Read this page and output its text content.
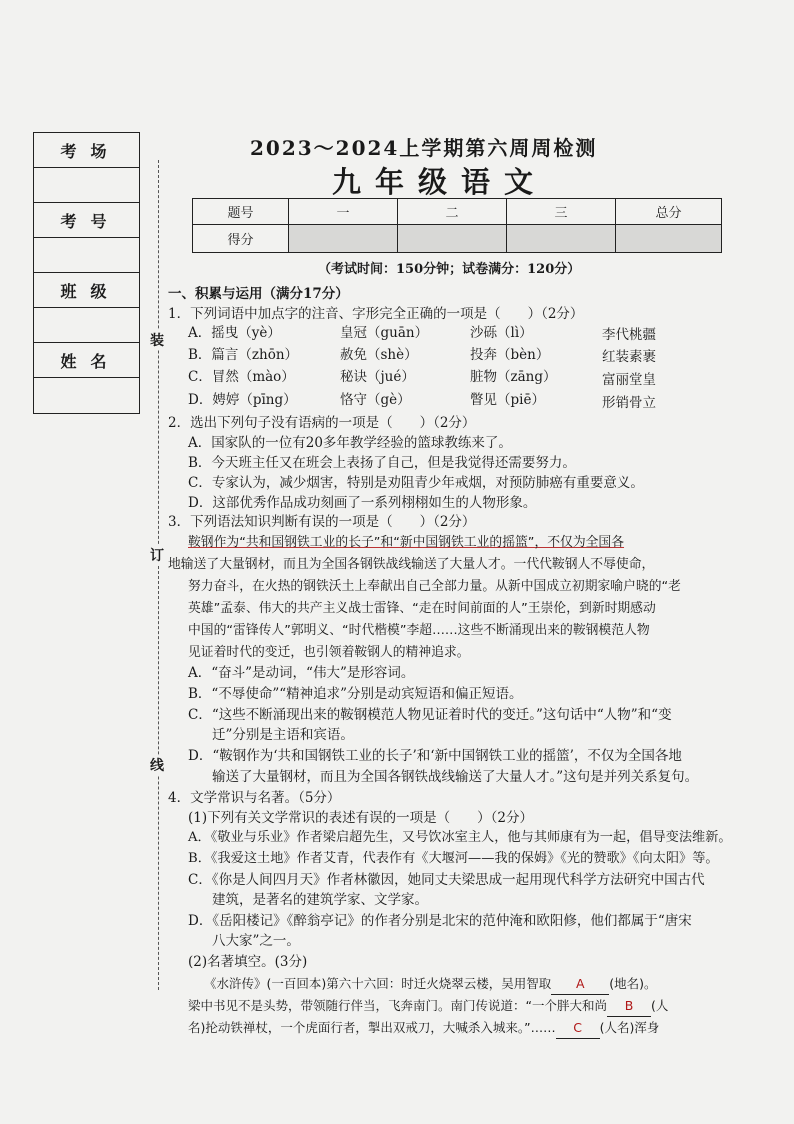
考场
考号
班级
姓名
装
订
线
2023～2024上学期第六周周检测
九年级语文
题号	一	二	三	总分
得分				
（考试时间：150分钟；试卷满分：120分）
一、积累与运用（满分17分）
1．下列词语中加点字的注音、字形完全正确的一项是（　　）（2分）
A．摇曳（yè）	皇冠（guān）	沙砾（lì）	李代桃疆
B．篇言（zhōn）	赦免（shè）	投奔（bèn）	红装素裹
C．冒然（mào）	秘诀（jué）	脏物（zāng）	富丽堂皇
D．娉婷（pīng）	恪守（gè）	瞥见（piē）	形销骨立
2．选出下列句子没有语病的一项是（　　）（2分）
A．国家队的一位有20多年教学经验的篮球教练来了。
B．今天班主任又在班会上表扬了自己，但是我觉得还需要努力。
C．专家认为，减少烟害，特别是劝阻青少年戒烟，对预防肺癌有重要意义。
D．这部优秀作品成功刻画了一系列栩栩如生的人物形象。
3．下列语法知识判断有误的一项是（　　）（2分）
鞍钢作为“共和国钢铁工业的长子”和“新中国钢铁工业的摇篮”，不仅为全国各
地输送了大量钢材，而且为全国各钢铁战线输送了大量人才。一代代鞍钢人不辱使命，
努力奋斗，在火热的钢铁沃土上奉献出自己全部力量。从新中国成立初期家喻户晓的“老
英雄”孟泰、伟大的共产主义战士雷锋、“走在时间前面的人”王崇伦，到新时期感动
中国的“雷锋传人”郭明义、“时代楷模”李超……这些不断涌现出来的鞍钢模范人物
见证着时代的变迁，也引领着鞍钢人的精神追求。
A．“奋斗”是动词，“伟大”是形容词。
B．“不辱使命”“精神追求”分别是动宾短语和偏正短语。
C．“这些不断涌现出来的鞍钢模范人物见证着时代的变迁。”这句话中“人物”和“变
迁”分别是主语和宾语。
D．“鞍钢作为‘共和国钢铁工业的长子’和‘新中国钢铁工业的摇篮’，不仅为全国各地
输送了大量钢材，而且为全国各钢铁战线输送了大量人才。”这句是并列关系复句。
4．文学常识与名著。（5分）
(1)下列有关文学常识的表述有误的一项是（　　）（2分）
A．《敬业与乐业》作者梁启超先生，又号饮冰室主人，他与其师康有为一起，倡导变法维新。
B．《我爱这土地》作者艾青，代表作有《大堰河——我的保姆》《光的赞歌》《向太阳》等。
C．《你是人间四月天》作者林徽因，她同丈夫梁思成一起用现代科学方法研究中国古代
建筑，是著名的建筑学家、文学家。
D．《岳阳楼记》《醉翁亭记》的作者分别是北宋的范仲淹和欧阳修，他们都属于“唐宋
八大家”之一。
(2)名著填空。(3分)
《水浒传》(一百回本)第六十六回：时迁火烧翠云楼，吴用智取 A (地名)。
梁中书见不是头势，带领随行伴当，飞奔南门。南门传说道：“一个胖大和尚 B (人
名)抡动铁禅杖，一个虎面行者，掣出双戒刀，大喊杀入城来。”…… C (人名)浑身
